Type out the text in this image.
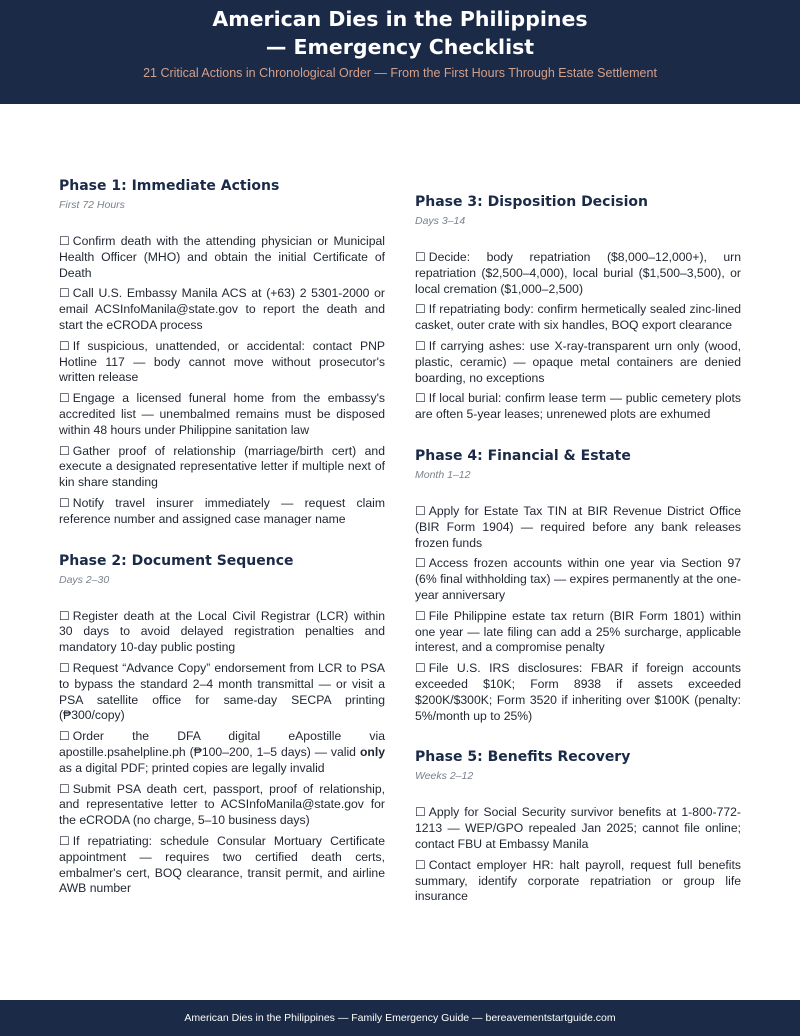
American Dies in the Philippines
— Emergency Checklist
21 Critical Actions in Chronological Order — From the First Hours Through Estate Settlement
Phase 1: Immediate Actions
First 72 Hours
☐ Confirm death with the attending physician or Municipal Health Officer (MHO) and obtain the initial Certificate of Death
☐ Call U.S. Embassy Manila ACS at (+63) 2 5301-2000 or email ACSInfoManila@state.gov to report the death and start the eCRODA process
☐ If suspicious, unattended, or accidental: contact PNP Hotline 117 — body cannot move without prosecutor's written release
☐ Engage a licensed funeral home from the embassy's accredited list — unembalmed remains must be disposed within 48 hours under Philippine sanitation law
☐ Gather proof of relationship (marriage/birth cert) and execute a designated representative letter if multiple next of kin share standing
☐ Notify travel insurer immediately — request claim reference number and assigned case manager name
Phase 2: Document Sequence
Days 2–30
☐ Register death at the Local Civil Registrar (LCR) within 30 days to avoid delayed registration penalties and mandatory 10-day public posting
☐ Request “Advance Copy” endorsement from LCR to PSA to bypass the standard 2–4 month transmittal — or visit a PSA satellite office for same-day SECPA printing (₱300/copy)
☐ Order the DFA digital eApostille via apostille.psahelpline.ph (₱100–200, 1–5 days) — valid only as a digital PDF; printed copies are legally invalid
☐ Submit PSA death cert, passport, proof of relationship, and representative letter to ACSInfoManila@state.gov for the eCRODA (no charge, 5–10 business days)
☐ If repatriating: schedule Consular Mortuary Certificate appointment — requires two certified death certs, embalmer's cert, BOQ clearance, transit permit, and airline AWB number
Phase 3: Disposition Decision
Days 3–14
☐ Decide: body repatriation ($8,000–12,000+), urn repatriation ($2,500–4,000), local burial ($1,500–3,500), or local cremation ($1,000–2,500)
☐ If repatriating body: confirm hermetically sealed zinc-lined casket, outer crate with six handles, BOQ export clearance
☐ If carrying ashes: use X-ray-transparent urn only (wood, plastic, ceramic) — opaque metal containers are denied boarding, no exceptions
☐ If local burial: confirm lease term — public cemetery plots are often 5-year leases; unrenewed plots are exhumed
Phase 4: Financial & Estate
Month 1–12
☐ Apply for Estate Tax TIN at BIR Revenue District Office (BIR Form 1904) — required before any bank releases frozen funds
☐ Access frozen accounts within one year via Section 97 (6% final withholding tax) — expires permanently at the one-year anniversary
☐ File Philippine estate tax return (BIR Form 1801) within one year — late filing can add a 25% surcharge, applicable interest, and a compromise penalty
☐ File U.S. IRS disclosures: FBAR if foreign accounts exceeded $10K; Form 8938 if assets exceeded $200K/$300K; Form 3520 if inheriting over $100K (penalty: 5%/month up to 25%)
Phase 5: Benefits Recovery
Weeks 2–12
☐ Apply for Social Security survivor benefits at 1-800-772-1213 — WEP/GPO repealed Jan 2025; cannot file online; contact FBU at Embassy Manila
☐ Contact employer HR: halt payroll, request full benefits summary, identify corporate repatriation or group life insurance
American Dies in the Philippines — Family Emergency Guide — bereavementstartguide.com
